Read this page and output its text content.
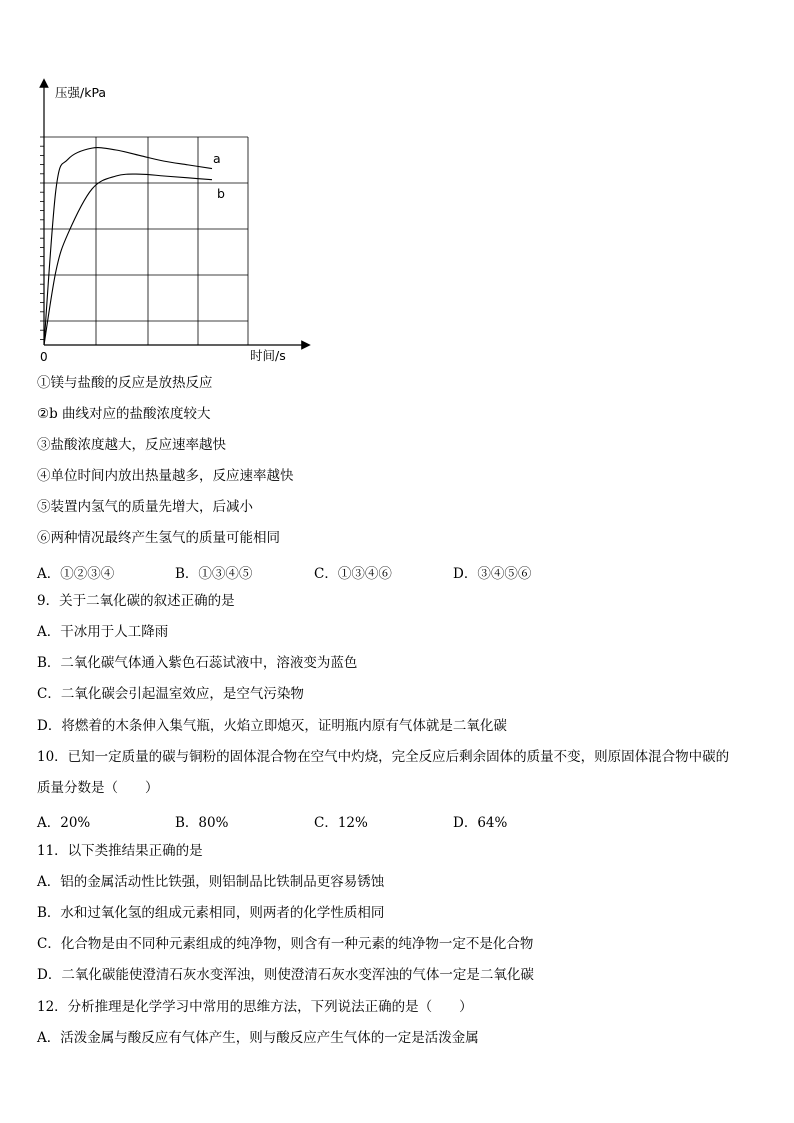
压强/kPa
时间/s
0
a
b
①镁与盐酸的反应是放热反应
②b 曲线对应的盐酸浓度较大
③盐酸浓度越大，反应速率越快
④单位时间内放出热量越多，反应速率越快
⑤装置内氢气的质量先增大，后减小
⑥两种情况最终产生氢气的质量可能相同
A．①②③④	B．①③④⑤	C．①③④⑥	D．③④⑤⑥
9．关于二氧化碳的叙述正确的是
A．干冰用于人工降雨
B．二氧化碳气体通入紫色石蕊试液中，溶液变为蓝色
C．二氧化碳会引起温室效应，是空气污染物
D．将燃着的木条伸入集气瓶，火焰立即熄灭，证明瓶内原有气体就是二氧化碳
10．已知一定质量的碳与铜粉的固体混合物在空气中灼烧，完全反应后剩余固体的质量不变，则原固体混合物中碳的
质量分数是（　　）
A．20%	B．80%	C．12%	D．64%
11．以下类推结果正确的是
A．铝的金属活动性比铁强，则铝制品比铁制品更容易锈蚀
B．水和过氧化氢的组成元素相同，则两者的化学性质相同
C．化合物是由不同种元素组成的纯净物，则含有一种元素的纯净物一定不是化合物
D．二氧化碳能使澄清石灰水变浑浊，则使澄清石灰水变浑浊的气体一定是二氧化碳
12．分析推理是化学学习中常用的思维方法，下列说法正确的是（　　）
A．活泼金属与酸反应有气体产生，则与酸反应产生气体的一定是活泼金属
